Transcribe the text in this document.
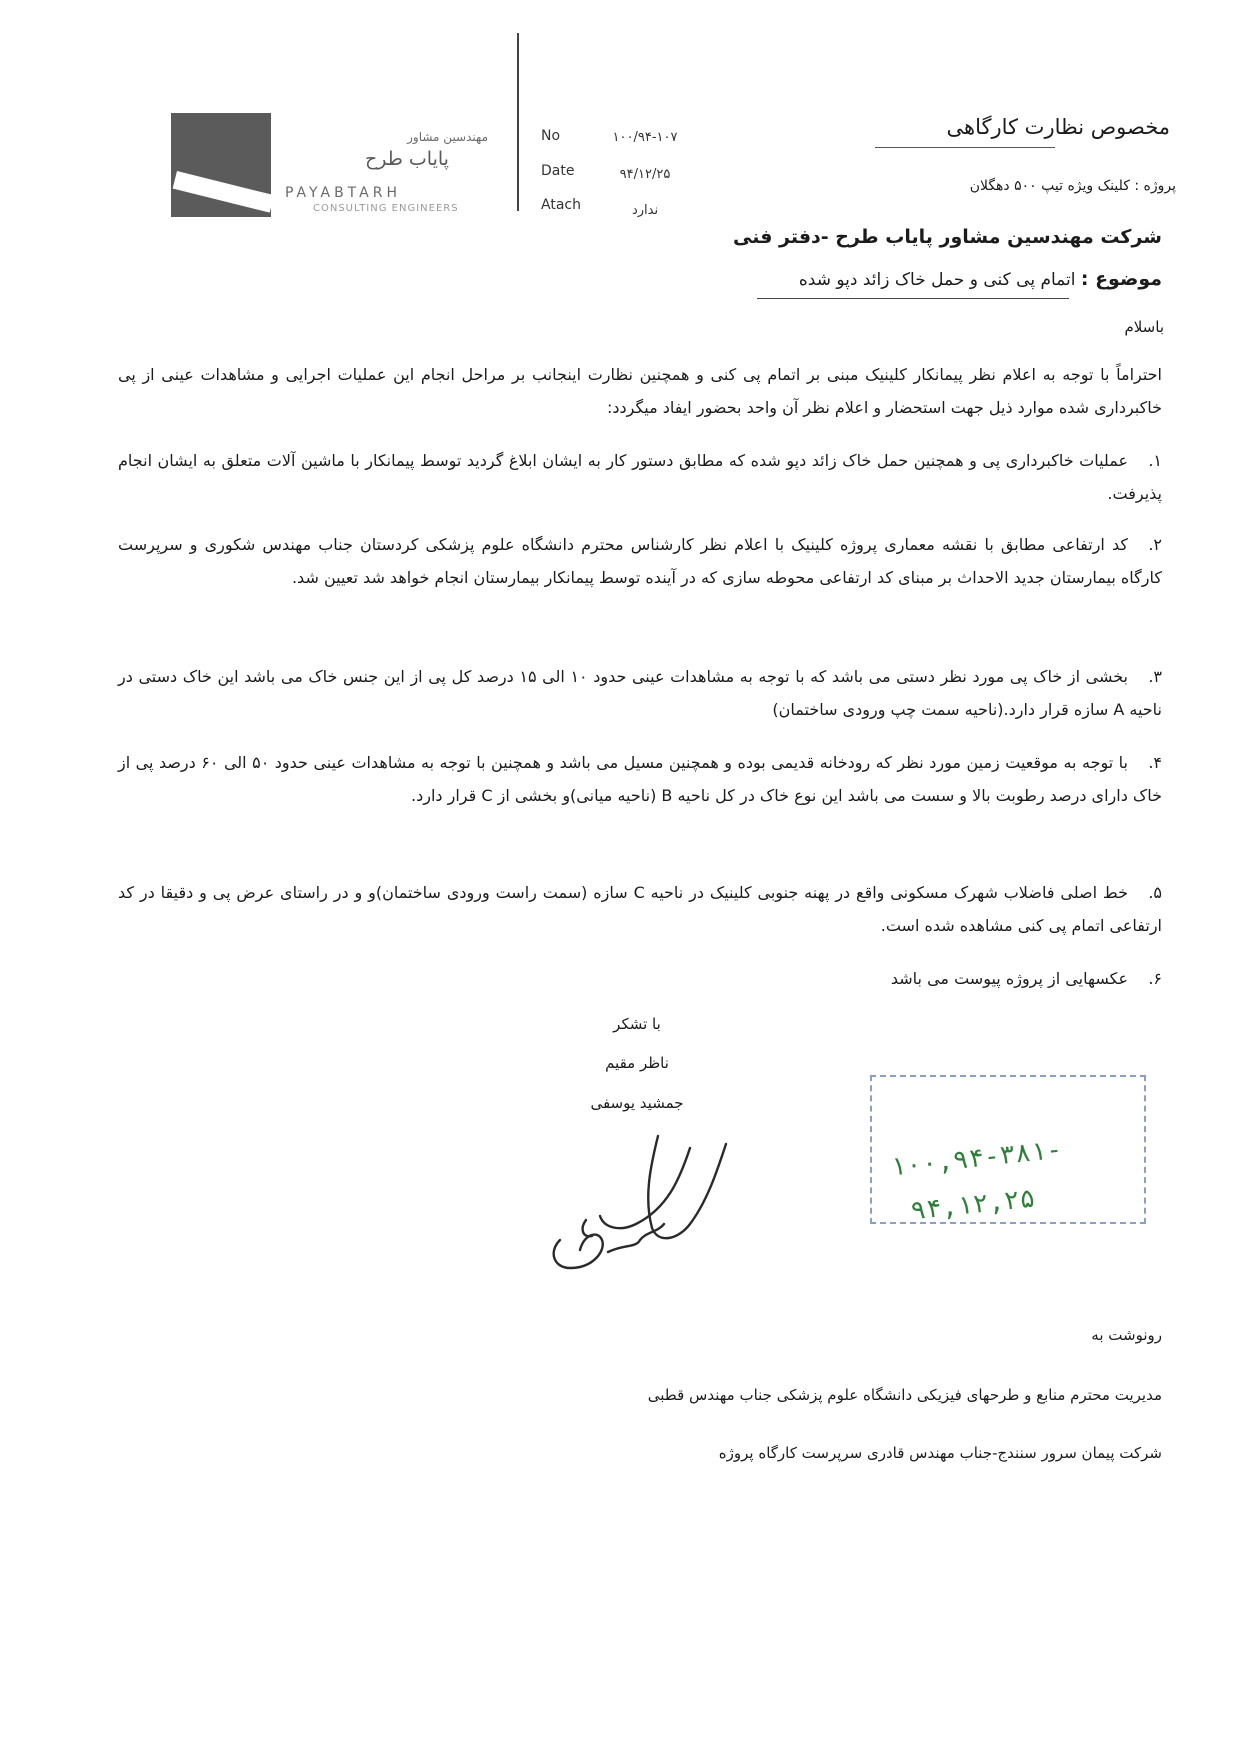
مهندسین مشاور
پایاب طرح
PAYABTARH
CONSULTING ENGINEERS
No	۱۰۰/۹۴-۱۰۷
Date	۹۴/۱۲/۲۵
Atach	ندارد
مخصوص نظارت کارگاهی
پروژه : کلینک ویژه تیپ ۵۰۰ دهگلان
شرکت مهندسین مشاور پایاب طرح -دفتر فنی
موضوع : اتمام پی کنی و حمل خاک زائد دپو شده
باسلام
احتراماً با توجه به اعلام نظر پیمانکار کلینیک مبنی بر اتمام پی کنی و همچنین نظارت اینجانب بر مراحل انجام این عملیات اجرایی و مشاهدات عینی از پی خاکبرداری شده موارد ذیل جهت استحضار و اعلام نظر آن واحد بحضور ایفاد میگردد:
۱.عملیات خاکبرداری پی و همچنین حمل خاک زائد دپو شده که مطابق دستور کار به ایشان ابلاغ گردید توسط پیمانکار با ماشین آلات متعلق به ایشان انجام پذیرفت.
۲.کد ارتفاعی مطابق با نقشه معماری پروژه کلینیک با اعلام نظر کارشناس محترم دانشگاه علوم پزشکی کردستان جناب مهندس شکوری و سرپرست کارگاه بیمارستان جدید الاحداث بر مبنای کد ارتفاعی محوطه سازی که در آینده توسط پیمانکار بیمارستان انجام خواهد شد تعیین شد.
۳.بخشی از خاک پی مورد نظر دستی می باشد که با توجه به مشاهدات عینی حدود ۱۰ الی ۱۵ درصد کل پی از این جنس خاک می باشد این خاک دستی در ناحیه A سازه قرار دارد.(ناحیه سمت چپ ورودی ساختمان)
۴.با توجه به موقعیت زمین مورد نظر که رودخانه قدیمی بوده و همچنین مسیل می باشد و همچنین با توجه به مشاهدات عینی حدود ۵۰ الی ۶۰ درصد پی از خاک دارای درصد رطوبت بالا و سست می باشد این نوع خاک در کل ناحیه B (ناحیه میانی)و بخشی از C قرار دارد.
۵.خط اصلی فاضلاب شهرک مسکونی واقع در پهنه جنوبی کلینیک در ناحیه C سازه (سمت راست ورودی ساختمان)و و در راستای عرض پی و دقیقا در کد ارتفاعی اتمام پی کنی مشاهده شده است.
۶.عکسهایی از پروژه پیوست می باشد
با تشکر
ناظر مقیم
جمشید یوسفی
۱۰۰,۹۴-۳۸۱-
۹۴,۱۲,۲۵
رونوشت به
مدیریت محترم منابع و طرحهای فیزیکی دانشگاه علوم پزشکی جناب مهندس قطبی
شرکت پیمان سرور سنندج-جناب مهندس قادری سرپرست کارگاه پروژه
